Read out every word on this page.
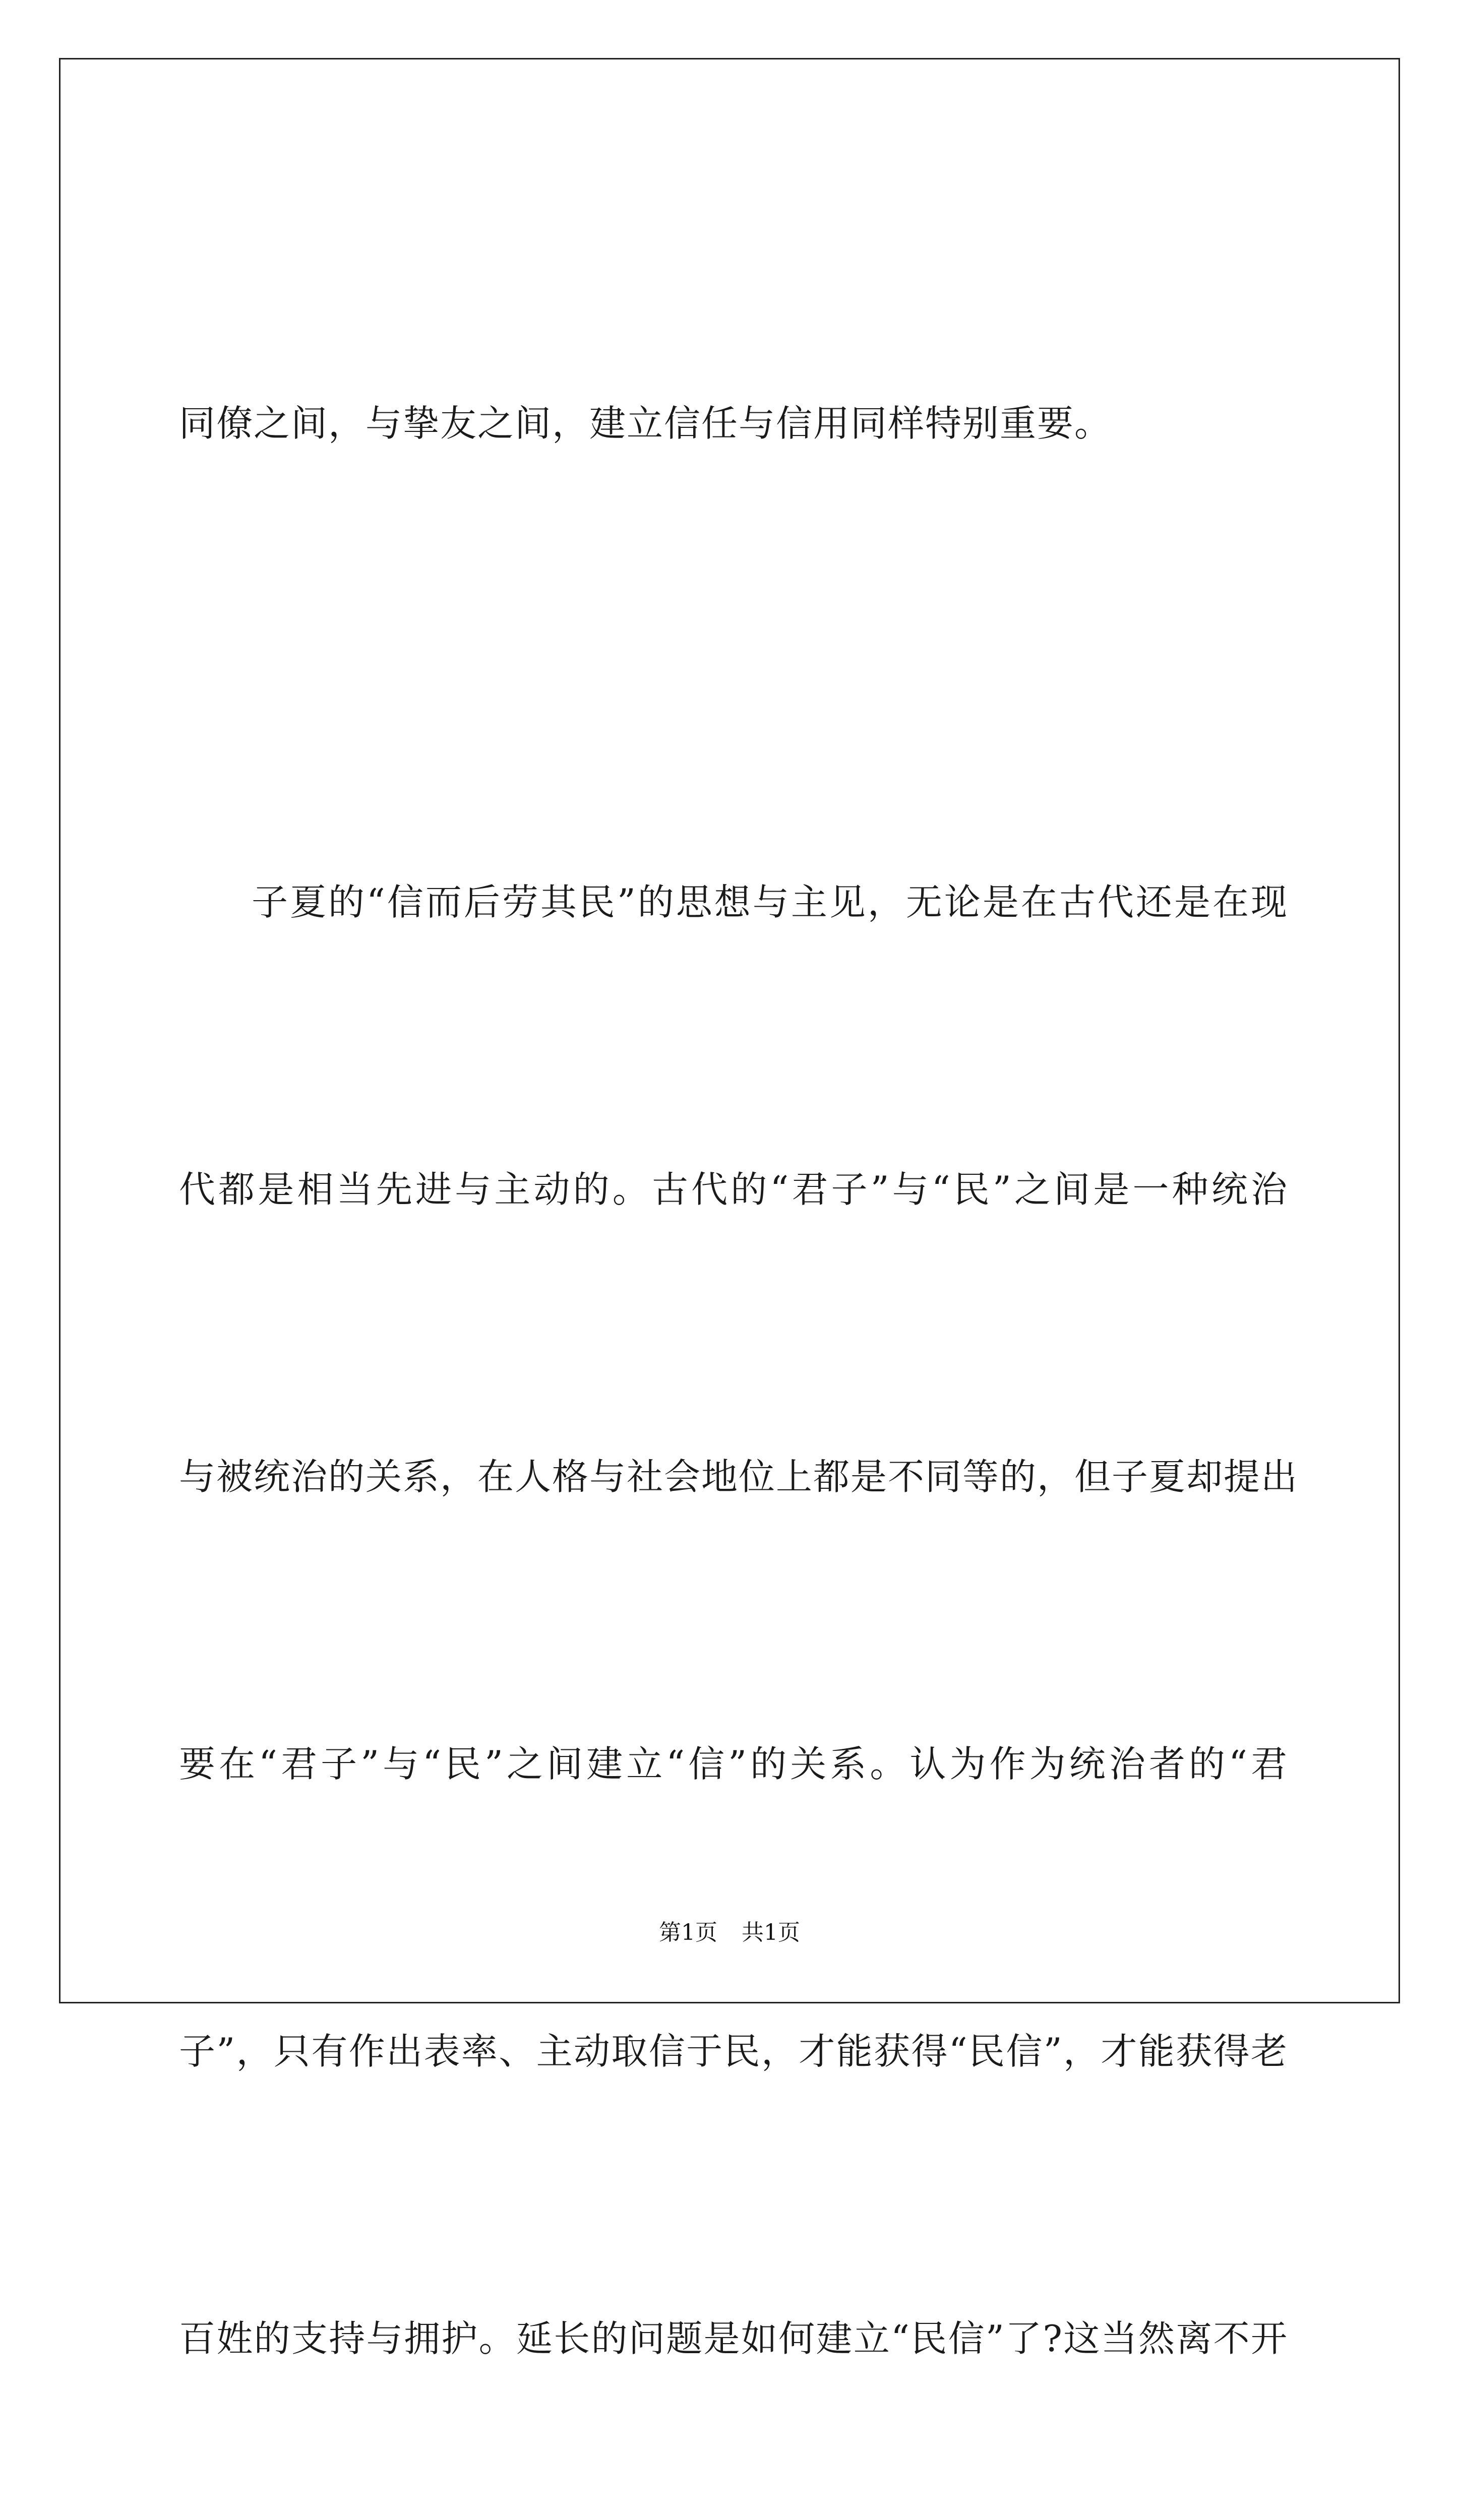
同僚之间，与挚友之间，建立信任与信用同样特别重要。

子夏的“信而后劳其民”的思想与主见，无论是在古代还是在现

代都是相当先进与主动的。古代的“君子”与“民”之间是一种统治

与被统治的关系，在人格与社会地位上都是不同等的，但子夏却提出

要在“君子”与“民”之间建立“信”的关系。认为作为统治者的“君

子”，只有作出表率、主动取信于民，才能获得“民信”，才能获得老

百姓的支持与拥护。延长的问题是如何建立“民信”了?这当然离不开

第1页 共1页
